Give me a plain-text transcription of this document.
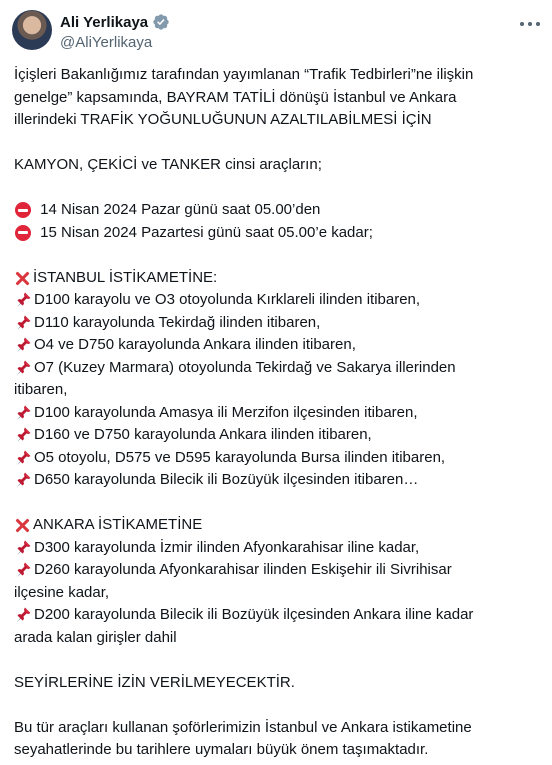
Ali Yerlikaya
@AliYerlikaya
İçişleri Bakanlığımız tarafından yayımlanan “Trafik Tedbirleri”ne ilişkin
genelge” kapsamında, BAYRAM TATİLİ dönüşü İstanbul ve Ankara
illerindeki TRAFİK YOĞUNLUĞUNUN AZALTILABİLMESİ İÇİN
KAMYON, ÇEKİCİ ve TANKER cinsi araçların;
14 Nisan 2024 Pazar günü saat 05.00’den
15 Nisan 2024 Pazartesi günü saat 05.00’e kadar;
İSTANBUL İSTİKAMETİNE:
D100 karayolu ve O3 otoyolunda Kırklareli ilinden itibaren,
D110 karayolunda Tekirdağ ilinden itibaren,
O4 ve D750 karayolunda Ankara ilinden itibaren,
O7 (Kuzey Marmara) otoyolunda Tekirdağ ve Sakarya illerinden
itibaren,
D100 karayolunda Amasya ili Merzifon ilçesinden itibaren,
D160 ve D750 karayolunda Ankara ilinden itibaren,
O5 otoyolu, D575 ve D595 karayolunda Bursa ilinden itibaren,
D650 karayolunda Bilecik ili Bozüyük ilçesinden itibaren…
ANKARA İSTİKAMETİNE
D300 karayolunda İzmir ilinden Afyonkarahisar iline kadar,
D260 karayolunda Afyonkarahisar ilinden Eskişehir ili Sivrihisar
ilçesine kadar,
D200 karayolunda Bilecik ili Bozüyük ilçesinden Ankara iline kadar
arada kalan girişler dahil
SEYİRLERİNE İZİN VERİLMEYECEKTİR.
Bu tür araçları kullanan şoförlerimizin İstanbul ve Ankara istikametine
seyahatlerinde bu tarihlere uymaları büyük önem taşımaktadır.
